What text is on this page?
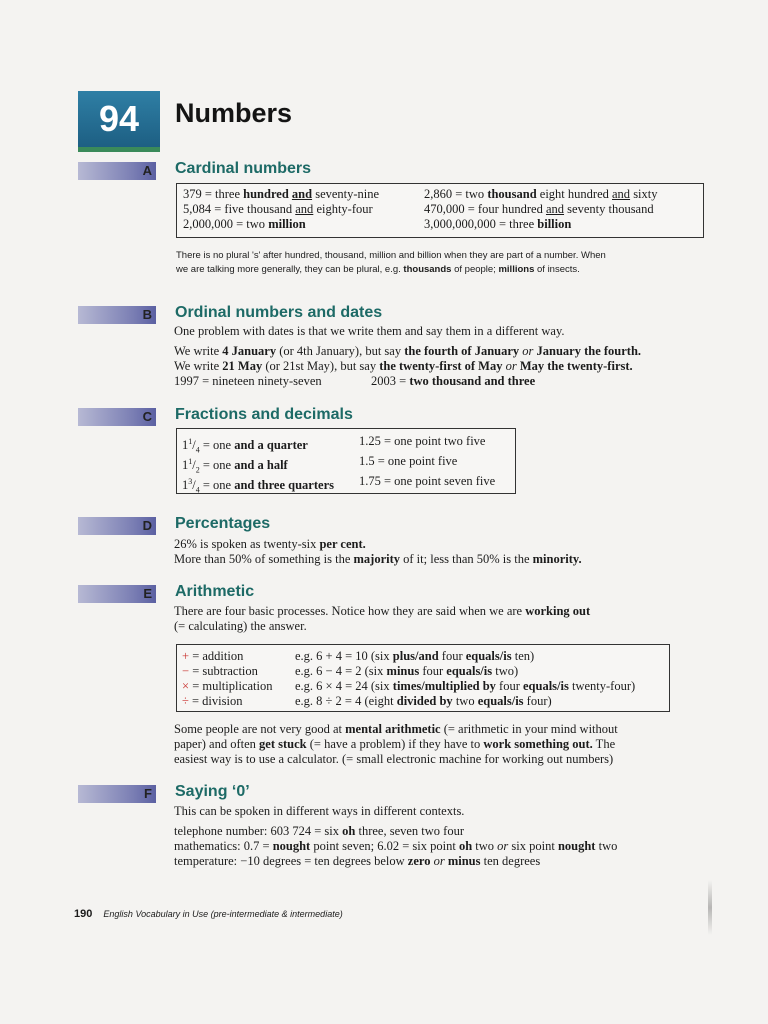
94 Numbers
A Cardinal numbers
379 = three hundred and seventy-nine
5,084 = five thousand and eighty-four
2,000,000 = two million
2,860 = two thousand eight hundred and sixty
470,000 = four hundred and seventy thousand
3,000,000,000 = three billion
There is no plural 's' after hundred, thousand, million and billion when they are part of a number. When
we are talking more generally, they can be plural, e.g. thousands of people; millions of insects.
B Ordinal numbers and dates
One problem with dates is that we write them and say them in a different way.
We write 4 January (or 4th January), but say the fourth of January or January the fourth.
We write 21 May (or 21st May), but say the twenty-first of May or May the twenty-first.
1997 = nineteen ninety-seven	2003 = two thousand and three
C Fractions and decimals
$1^1/_4$ = one and a quarter
$1^1/_2$ = one and a half
$1^3/_4$ = one and three quarters
1.25 = one point two five
1.5 = one point five
1.75 = one point seven five
D Percentages
26% is spoken as twenty-six per cent.
More than 50% of something is the majority of it; less than 50% is the minority.
E Arithmetic
There are four basic processes. Notice how they are said when we are working out
(= calculating) the answer.
+ = addition
− = subtraction
× = multiplication
÷ = division
e.g. 6 + 4 = 10 (six plus/and four equals/is ten)
e.g. 6 − 4 = 2 (six minus four equals/is two)
e.g. 6 × 4 = 24 (six times/multiplied by four equals/is twenty-four)
e.g. 8 ÷ 2 = 4 (eight divided by two equals/is four)
Some people are not very good at mental arithmetic (= arithmetic in your mind without
paper) and often get stuck (= have a problem) if they have to work something out. The
easiest way is to use a calculator. (= small electronic machine for working out numbers)
F Saying ‘0’
This can be spoken in different ways in different contexts.
telephone number: 603 724 = six oh three, seven two four
mathematics: 0.7 = nought point seven; 6.02 = six point oh two or six point nought two
temperature: −10 degrees = ten degrees below zero or minus ten degrees
190 English Vocabulary in Use (pre-intermediate & intermediate)
